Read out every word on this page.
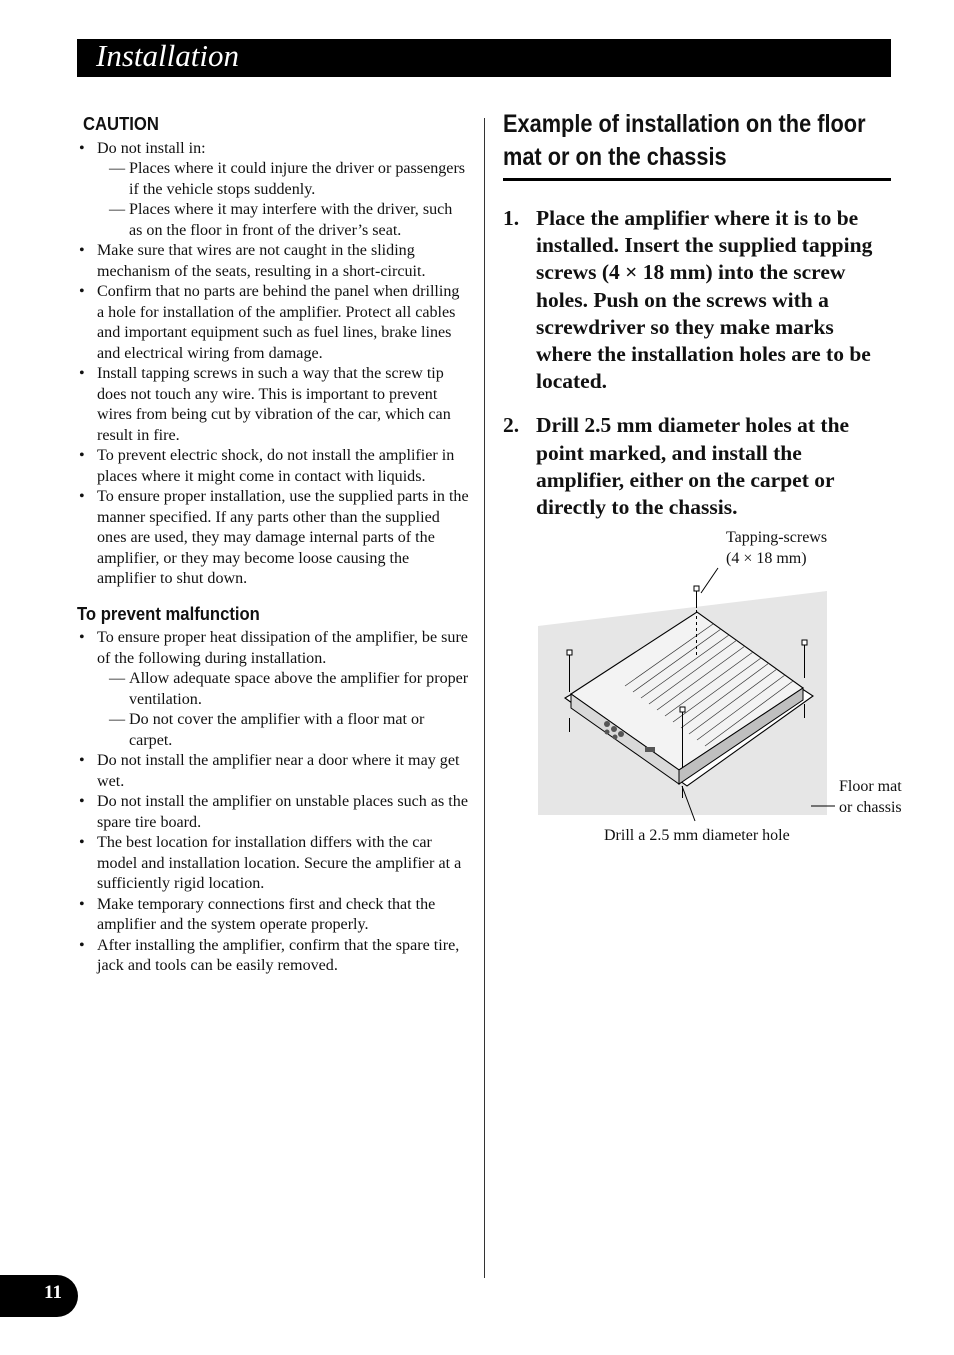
Installation
CAUTION
• Do not install in:
— Places where it could injure the driver or passengers if the vehicle stops suddenly.
— Places where it may interfere with the driver, such as on the floor in front of the driver’s seat.
• Make sure that wires are not caught in the sliding mechanism of the seats, resulting in a short-circuit.
• Confirm that no parts are behind the panel when drilling a hole for installation of the amplifier. Protect all cables and important equipment such as fuel lines, brake lines and electrical wiring from damage.
• Install tapping screws in such a way that the screw tip does not touch any wire. This is important to prevent wires from being cut by vibration of the car, which can result in fire.
• To prevent electric shock, do not install the amplifier in places where it might come in contact with liquids.
• To ensure proper installation, use the supplied parts in the manner specified. If any parts other than the supplied ones are used, they may damage internal parts of the amplifier, or they may become loose causing the amplifier to shut down.
To prevent malfunction
• To ensure proper heat dissipation of the amplifier, be sure of the following during installation.
— Allow adequate space above the amplifier for proper ventilation.
— Do not cover the amplifier with a floor mat or carpet.
• Do not install the amplifier near a door where it may get wet.
• Do not install the amplifier on unstable places such as the spare tire board.
• The best location for installation differs with the car model and installation location. Secure the amplifier at a sufficiently rigid location.
• Make temporary connections first and check that the amplifier and the system operate properly.
• After installing the amplifier, confirm that the spare tire, jack and tools can be easily removed.
Example of installation on the floor
mat or on the chassis
1. Place the amplifier where it is to be installed. Insert the supplied tapping screws (4 × 18 mm) into the screw holes. Push on the screws with a screwdriver so they make marks where the installation holes are to be located.
2. Drill 2.5 mm diameter holes at the point marked, and install the amplifier, either on the carpet or directly to the chassis.
Tapping-screws
(4 × 18 mm)
Floor mat
or chassis
Drill a 2.5 mm diameter hole
11
